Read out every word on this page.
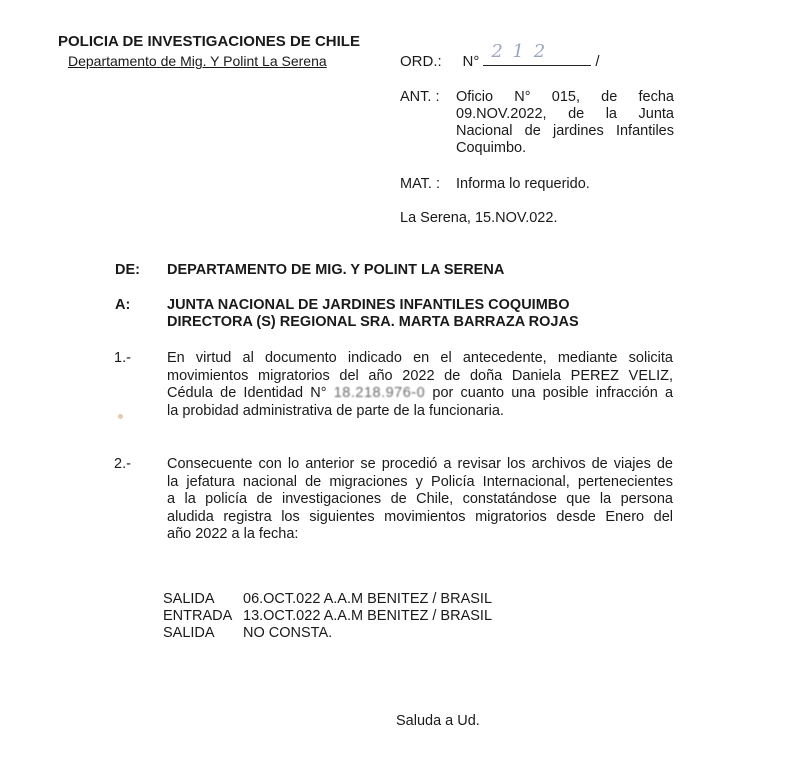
POLICIA DE INVESTIGACIONES DE CHILE
Departamento de Mig. Y Polint La Serena	ORD.: N° 2 1 2	/
ANT. : Oficio N° 015, de fecha
09.NOV.2022, de la Junta
Nacional de jardines Infantiles
Coquimbo.
MAT. : Informa lo requerido.
La Serena, 15.NOV.022.
DE: DEPARTAMENTO DE MIG. Y POLINT LA SERENA
A:	JUNTA NACIONAL DE JARDINES INFANTILES COQUIMBO
DIRECTORA (S) REGIONAL SRA. MARTA BARRAZA ROJAS
1.- En virtud al documento indicado en el antecedente, mediante solicita
movimientos migratorios del año 2022 de doña Daniela PEREZ VELIZ,
Cédula de Identidad N° 18.218.976-0 por cuanto una posible infracción a
la probidad administrativa de parte de la funcionaria.
2.- Consecuente con lo anterior se procedió a revisar los archivos de viajes de
la jefatura nacional de migraciones y Policía Internacional, pertenecientes
a la policía de investigaciones de Chile, constatándose que la persona
aludida registra los siguientes movimientos migratorios desde Enero del
año 2022 a la fecha:
SALIDA	06.OCT.022 A.A.M BENITEZ / BRASIL
ENTRADA	13.OCT.022 A.A.M BENITEZ / BRASIL
SALIDA	NO CONSTA.
Saluda a Ud.
